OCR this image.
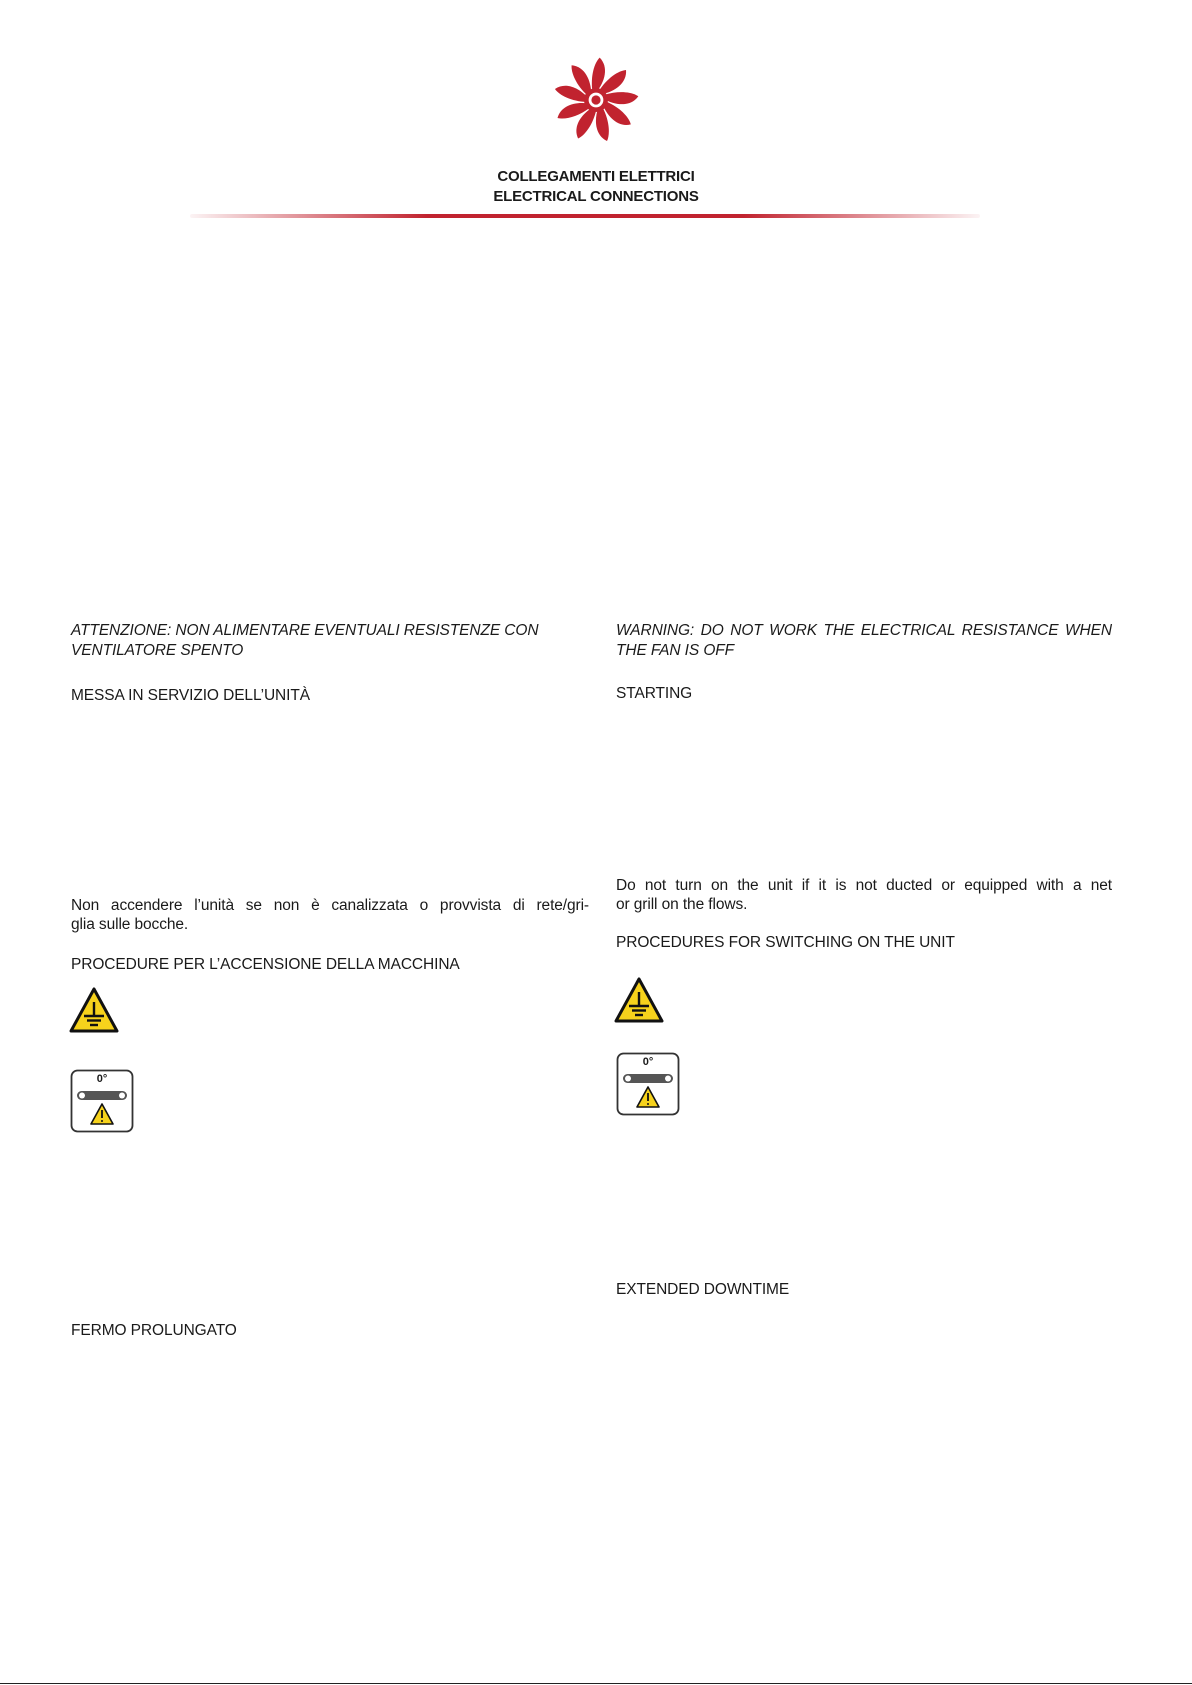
COLLEGAMENTI ELETTRICI
ELECTRICAL CONNECTIONS
ATTENZIONE: NON ALIMENTARE EVENTUALI RESISTENZE CON
VENTILATORE SPENTO
MESSA IN SERVIZIO DELL’UNITÀ
Non accendere l’unità se non è canalizzata o provvista di rete/gri-
glia sulle bocche.
PROCEDURE PER L’ACCENSIONE DELLA MACCHINA
0°
FERMO PROLUNGATO
WARNING: DO NOT WORK THE ELECTRICAL RESISTANCE WHEN
THE FAN IS OFF
STARTING
Do not turn on the unit if it is not ducted or equipped with a net
or grill on the flows.
PROCEDURES FOR SWITCHING ON THE UNIT
0°
EXTENDED DOWNTIME
